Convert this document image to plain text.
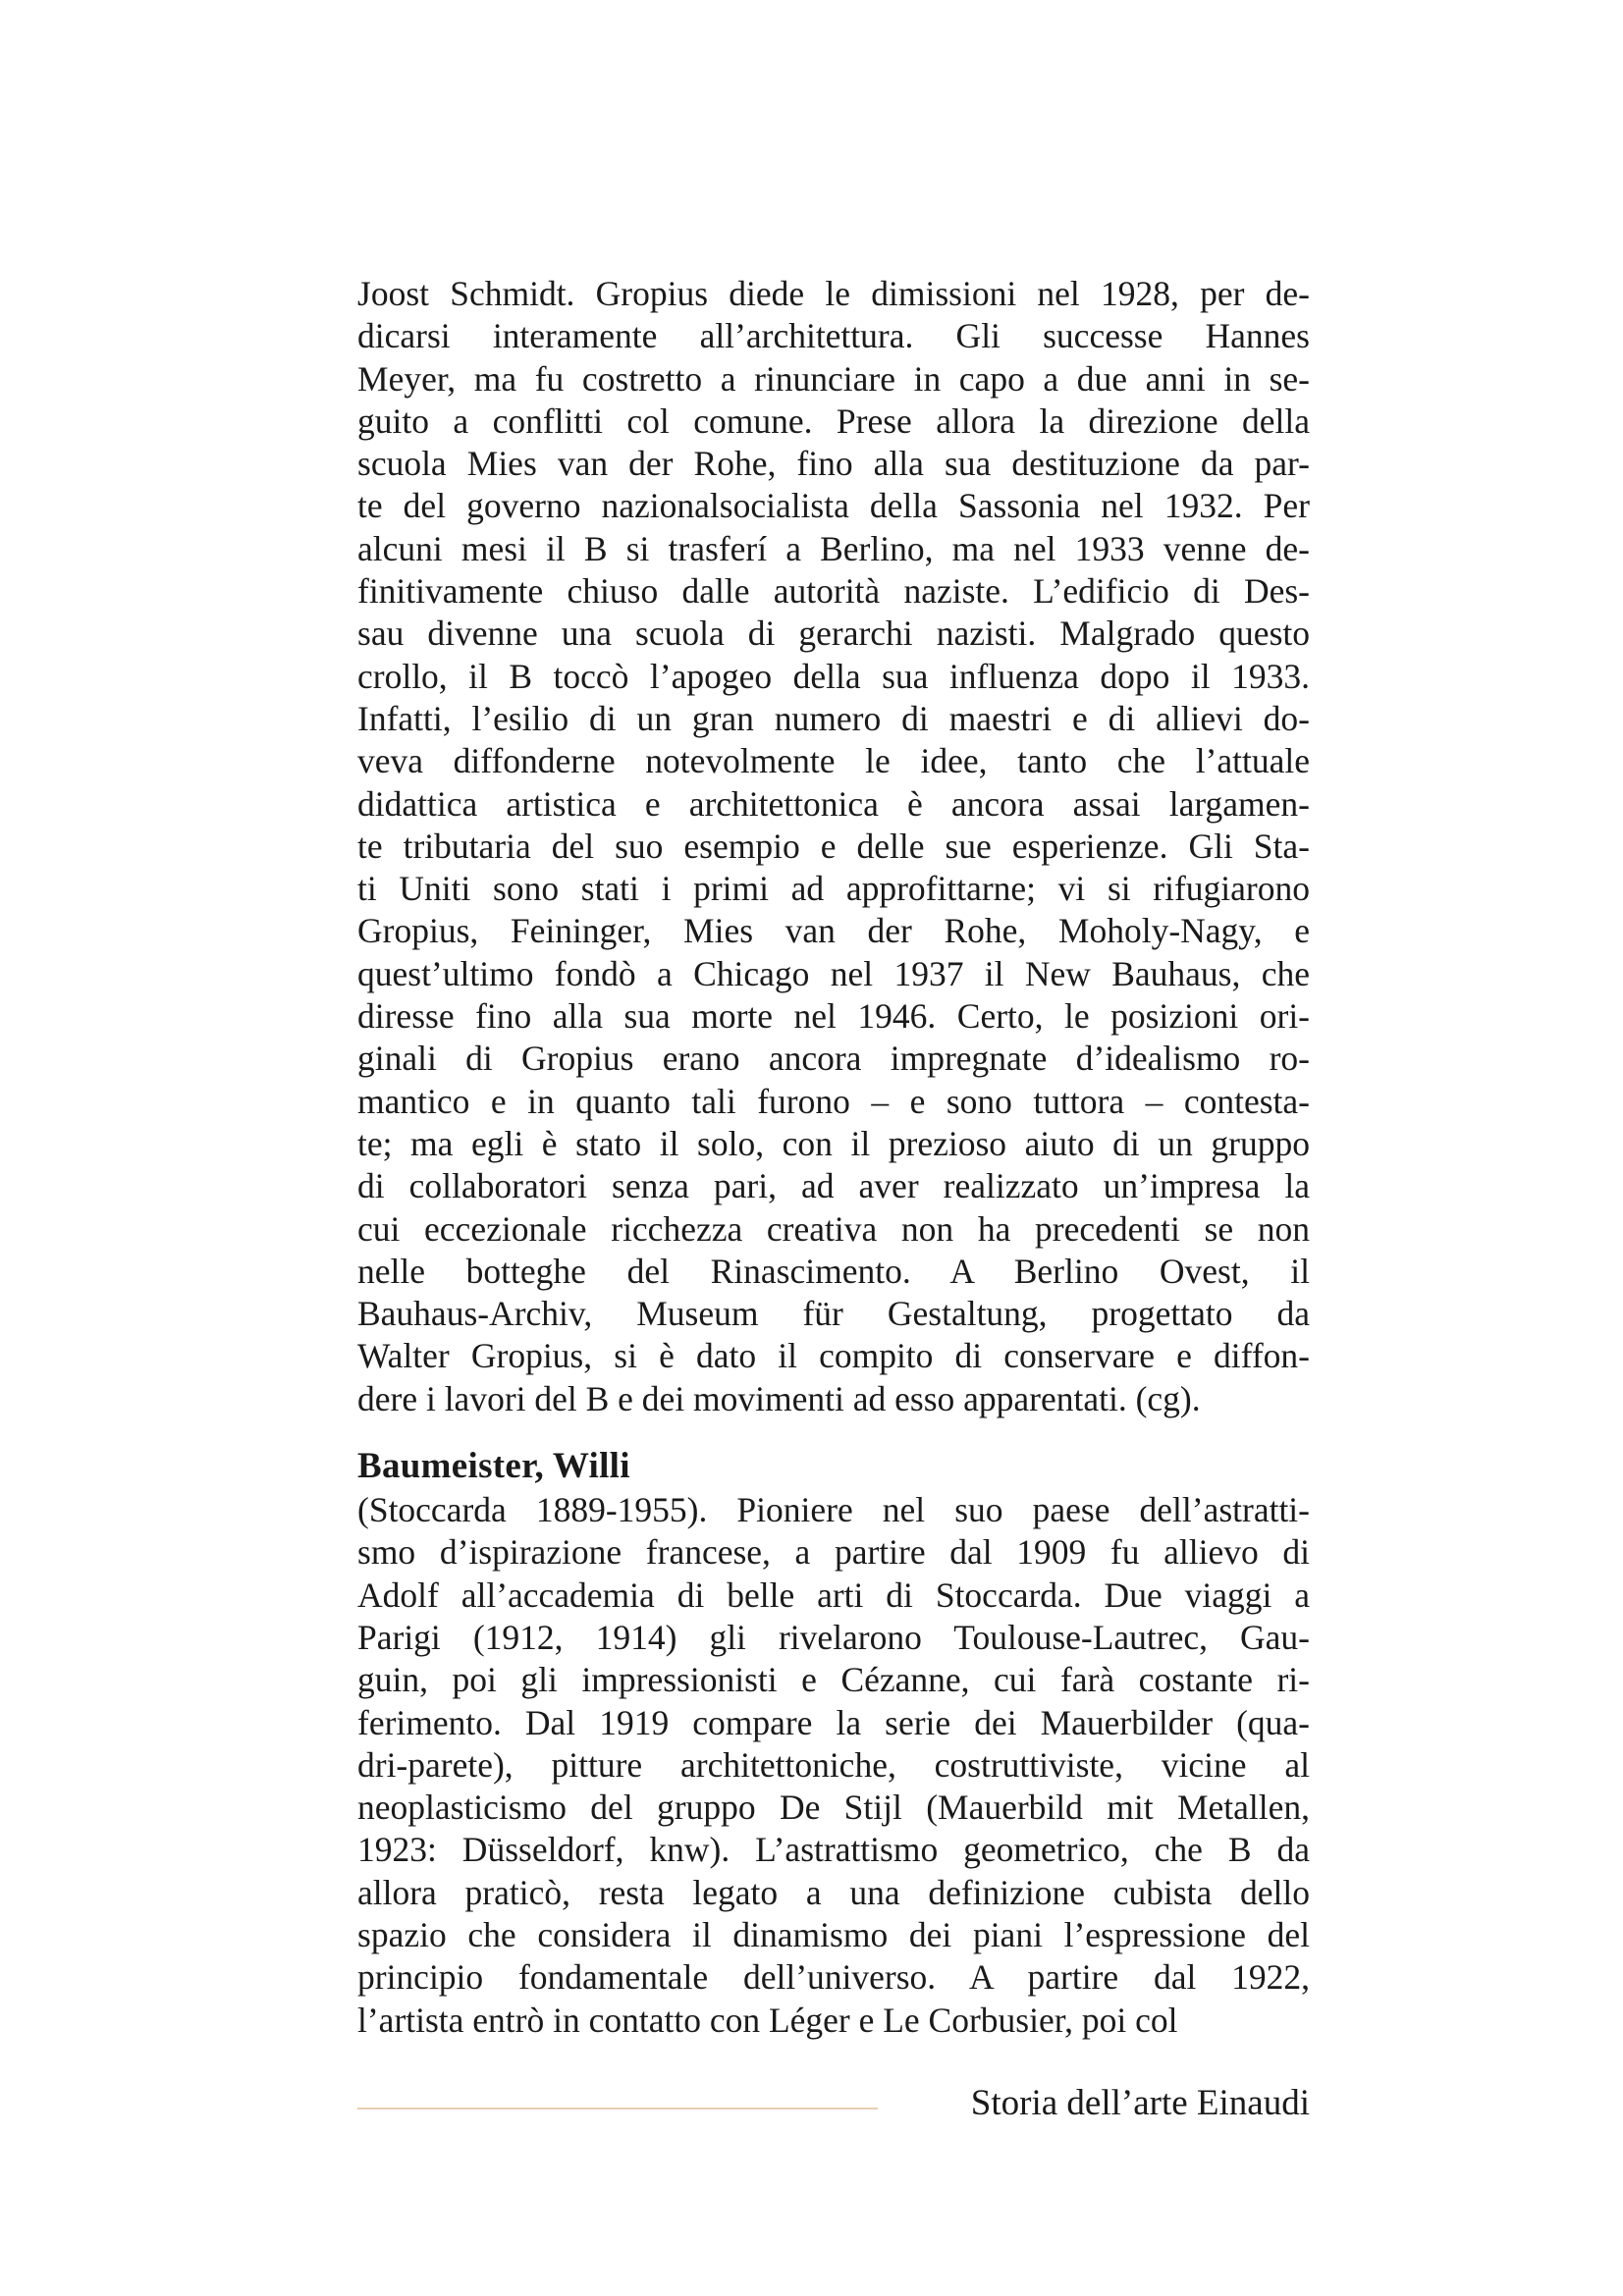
Joost Schmidt. Gropius diede le dimissioni nel 1928, per de-
dicarsi interamente all’architettura. Gli successe Hannes
Meyer, ma fu costretto a rinunciare in capo a due anni in se-
guito a conflitti col comune. Prese allora la direzione della
scuola Mies van der Rohe, fino alla sua destituzione da par-
te del governo nazionalsocialista della Sassonia nel 1932. Per
alcuni mesi il B si trasferí a Berlino, ma nel 1933 venne de-
finitivamente chiuso dalle autorità naziste. L’edificio di Des-
sau divenne una scuola di gerarchi nazisti. Malgrado questo
crollo, il B toccò l’apogeo della sua influenza dopo il 1933.
Infatti, l’esilio di un gran numero di maestri e di allievi do-
veva diffonderne notevolmente le idee, tanto che l’attuale
didattica artistica e architettonica è ancora assai largamen-
te tributaria del suo esempio e delle sue esperienze. Gli Sta-
ti Uniti sono stati i primi ad approfittarne; vi si rifugiarono
Gropius, Feininger, Mies van der Rohe, Moholy-Nagy, e
quest’ultimo fondò a Chicago nel 1937 il New Bauhaus, che
diresse fino alla sua morte nel 1946. Certo, le posizioni ori-
ginali di Gropius erano ancora impregnate d’idealismo ro-
mantico e in quanto tali furono – e sono tuttora – contesta-
te; ma egli è stato il solo, con il prezioso aiuto di un gruppo
di collaboratori senza pari, ad aver realizzato un’impresa la
cui eccezionale ricchezza creativa non ha precedenti se non
nelle botteghe del Rinascimento. A Berlino Ovest, il
Bauhaus-Archiv, Museum für Gestaltung, progettato da
Walter Gropius, si è dato il compito di conservare e diffon-
dere i lavori del B e dei movimenti ad esso apparentati. (cg).
Baumeister, Willi
(Stoccarda 1889-1955). Pioniere nel suo paese dell’astratti-
smo d’ispirazione francese, a partire dal 1909 fu allievo di
Adolf all’accademia di belle arti di Stoccarda. Due viaggi a
Parigi (1912, 1914) gli rivelarono Toulouse-Lautrec, Gau-
guin, poi gli impressionisti e Cézanne, cui farà costante ri-
ferimento. Dal 1919 compare la serie dei Mauerbilder (qua-
dri-parete), pitture architettoniche, costruttiviste, vicine al
neoplasticismo del gruppo De Stijl (Mauerbild mit Metallen,
1923: Düsseldorf, knw). L’astrattismo geometrico, che B da
allora praticò, resta legato a una definizione cubista dello
spazio che considera il dinamismo dei piani l’espressione del
principio fondamentale dell’universo. A partire dal 1922,
l’artista entrò in contatto con Léger e Le Corbusier, poi col
Storia dell’arte Einaudi
